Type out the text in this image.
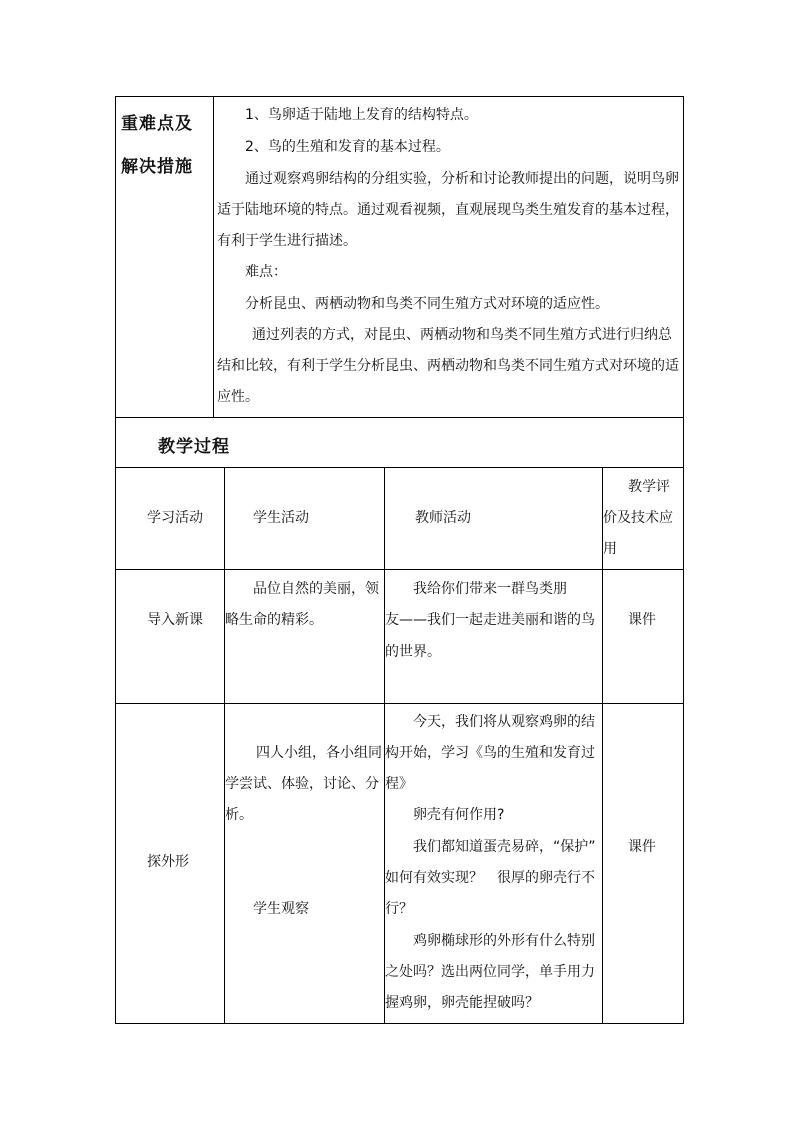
重难点及
解决措施
1、鸟卵适于陆地上发育的结构特点。
2、鸟的生殖和发育的基本过程。
通过观察鸡卵结构的分组实验，分析和讨论教师提出的问题，说明鸟卵
适于陆地环境的特点。通过观看视频，直观展现鸟类生殖发育的基本过程，
有利于学生进行描述。
难点：
分析昆虫、两栖动物和鸟类不同生殖方式对环境的适应性。
通过列表的方式，对昆虫、两栖动物和鸟类不同生殖方式进行归纳总
结和比较，有利于学生分析昆虫、两栖动物和鸟类不同生殖方式对环境的适
应性。
教学过程
学习活动	学生活动	教师活动
教学评
价及技术应
用
导入新课
品位自然的美丽，领
略生命的精彩。
我给你们带来一群鸟类朋
友——我们一起走进美丽和谐的鸟
的世界。
课件
探外形
四人小组，各小组同
学尝试、体验，讨论、分
析。
学生观察
今天，我们将从观察鸡卵的结
构开始，学习《鸟的生殖和发育过
程》
卵壳有何作用?
我们都知道蛋壳易碎，“保护”
如何有效实现？　很厚的卵壳行不
行？
鸡卵椭球形的外形有什么特别
之处吗？选出两位同学，单手用力
握鸡卵，卵壳能捏破吗？
课件
